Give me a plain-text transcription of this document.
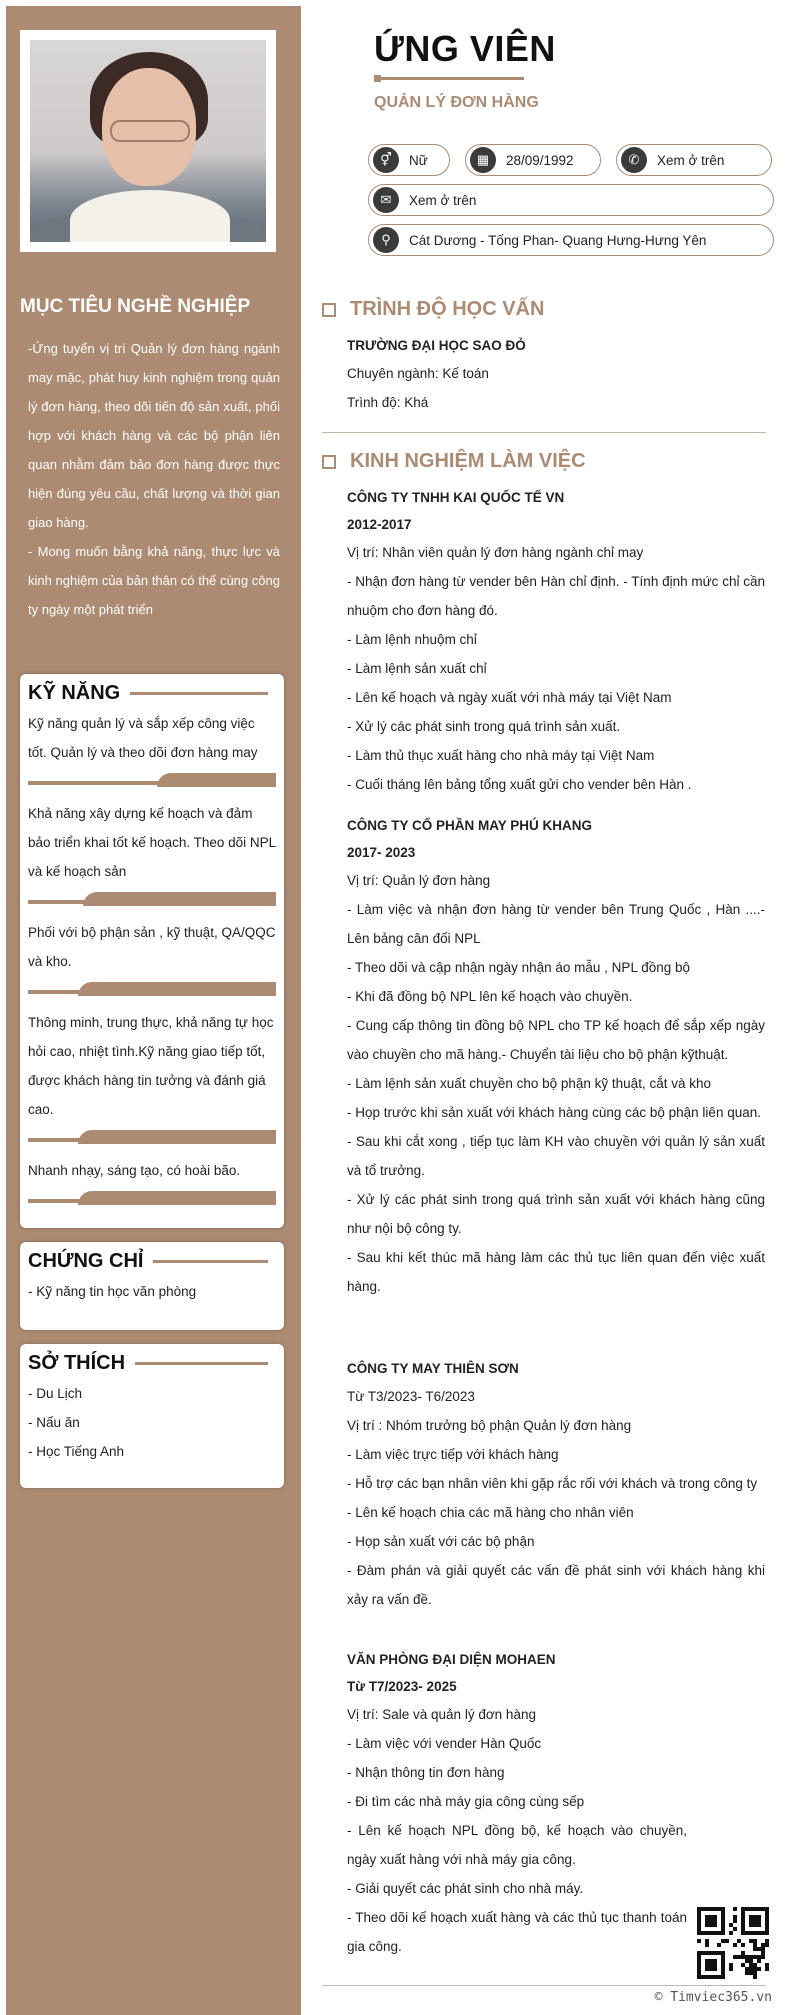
MỤC TIÊU NGHỀ NGHIỆP
-Ứng tuyển vị trí Quản lý đơn hàng ngành may mặc, phát huy kinh nghiệm trong quản lý đơn hàng, theo dõi tiến độ sản xuất, phối hợp với khách hàng và các bộ phận liên quan nhằm đảm bảo đơn hàng được thực hiện đúng yêu cầu, chất lượng và thời gian giao hàng.
- Mong muốn bằng khả năng, thực lực và kinh nghiệm của bản thân có thể cùng công ty ngày một phát triển
KỸ NĂNG
Kỹ năng quản lý và sắp xếp công việc tốt. Quản lý và theo dõi đơn hàng may
Khả năng xây dựng kế hoạch và đảm bảo triển khai tốt kế hoạch. Theo dõi NPL và kế hoạch sản
Phối với bộ phận sản , kỹ thuật, QA/QQC và kho.
Thông minh, trung thực, khả năng tự học hỏi cao, nhiệt tình.Kỹ năng giao tiếp tốt, được khách hàng tin tưởng và đánh giá cao.
Nhanh nhạy, sáng tạo, có hoài bão.
CHỨNG CHỈ
- Kỹ năng tin học văn phòng
SỞ THÍCH
- Du Lịch
- Nấu ăn
- Học Tiếng Anh
ỨNG VIÊN
QUẢN LÝ ĐƠN HÀNG
⚥	Nữ	▦	28/09/1992	✆	Xem ở trên
✉	Xem ở trên
⚲	Cát Dương - Tống Phan- Quang Hưng-Hưng Yên
TRÌNH ĐỘ HỌC VẤN
TRƯỜNG ĐẠI HỌC SAO ĐỎ
Chuyên ngành: Kế toán
Trình độ: Khá
KINH NGHIỆM LÀM VIỆC
CÔNG TY TNHH KAI QUỐC TẾ VN
2012-2017
Vị trí: Nhân viên quản lý đơn hàng ngành chỉ may
- Nhận đơn hàng từ vender bên Hàn chỉ định. - Tính định mức chỉ cần nhuộm cho đơn hàng đó.
- Làm lệnh nhuộm chỉ
- Làm lệnh sản xuất chỉ
- Lên kế hoạch và ngày xuất với nhà máy tại Việt Nam
- Xử lý các phát sinh trong quá trình sản xuất.
- Làm thủ thục xuất hàng cho nhà máy tại Việt Nam
- Cuối tháng lên bảng tổng xuất gửi cho vender bên Hàn .
CÔNG TY CỔ PHẦN MAY PHÚ KHANG
2017- 2023
Vị trí: Quản lý đơn hàng
- Làm việc và nhận đơn hàng từ vender bên Trung Quốc , Hàn ....- Lên bảng cân đối NPL
- Theo dõi và cập nhận ngày nhận áo mẫu , NPL đồng bộ
- Khi đã đồng bộ NPL lên kế hoạch vào chuyền.
- Cung cấp thông tin đồng bộ NPL cho TP kế hoạch để sắp xếp ngày vào chuyền cho mã hàng.- Chuyển tài liệu cho bộ phận kỹthuật.
- Làm lệnh sản xuất chuyền cho bộ phận kỹ thuật, cắt và kho
- Họp trước khi sản xuất với khách hàng cùng các bộ phận liên quan.
- Sau khi cắt xong , tiếp tục làm KH vào chuyền với quản lý sản xuất và tổ trưởng.
- Xử lý các phát sinh trong quá trình sản xuất với khách hàng cũng như nội bộ công ty.
- Sau khi kết thúc mã hàng làm các thủ tục liên quan đến việc xuất hàng.
CÔNG TY MAY THIÊN SƠN
Từ T3/2023- T6/2023
Vị trí : Nhóm trưởng bộ phận Quản lý đơn hàng
- Làm việc trực tiếp với khách hàng
- Hỗ trợ các bạn nhân viên khi gặp rắc rối với khách và trong công ty
- Lên kế hoạch chia các mã hàng cho nhân viên
- Họp sản xuất với các bộ phận
- Đàm phán và giải quyết các vấn đề phát sinh với khách hàng khi xảy ra vấn đề.
VĂN PHÒNG ĐẠI DIỆN MOHAEN
Từ T7/2023- 2025
Vị trí: Sale và quản lý đơn hàng
- Làm việc với vender Hàn Quốc
- Nhận thông tin đơn hàng
- Đi tìm các nhà máy gia công cùng sếp
- Lên kế hoạch NPL đồng bộ, kế hoạch vào chuyền, ngày xuất hàng với nhà máy gia công.
- Giải quyết các phát sinh cho nhà máy.
- Theo dõi kế hoạch xuất hàng và các thủ tục thanh toán gia công.
© Timviec365.vn
